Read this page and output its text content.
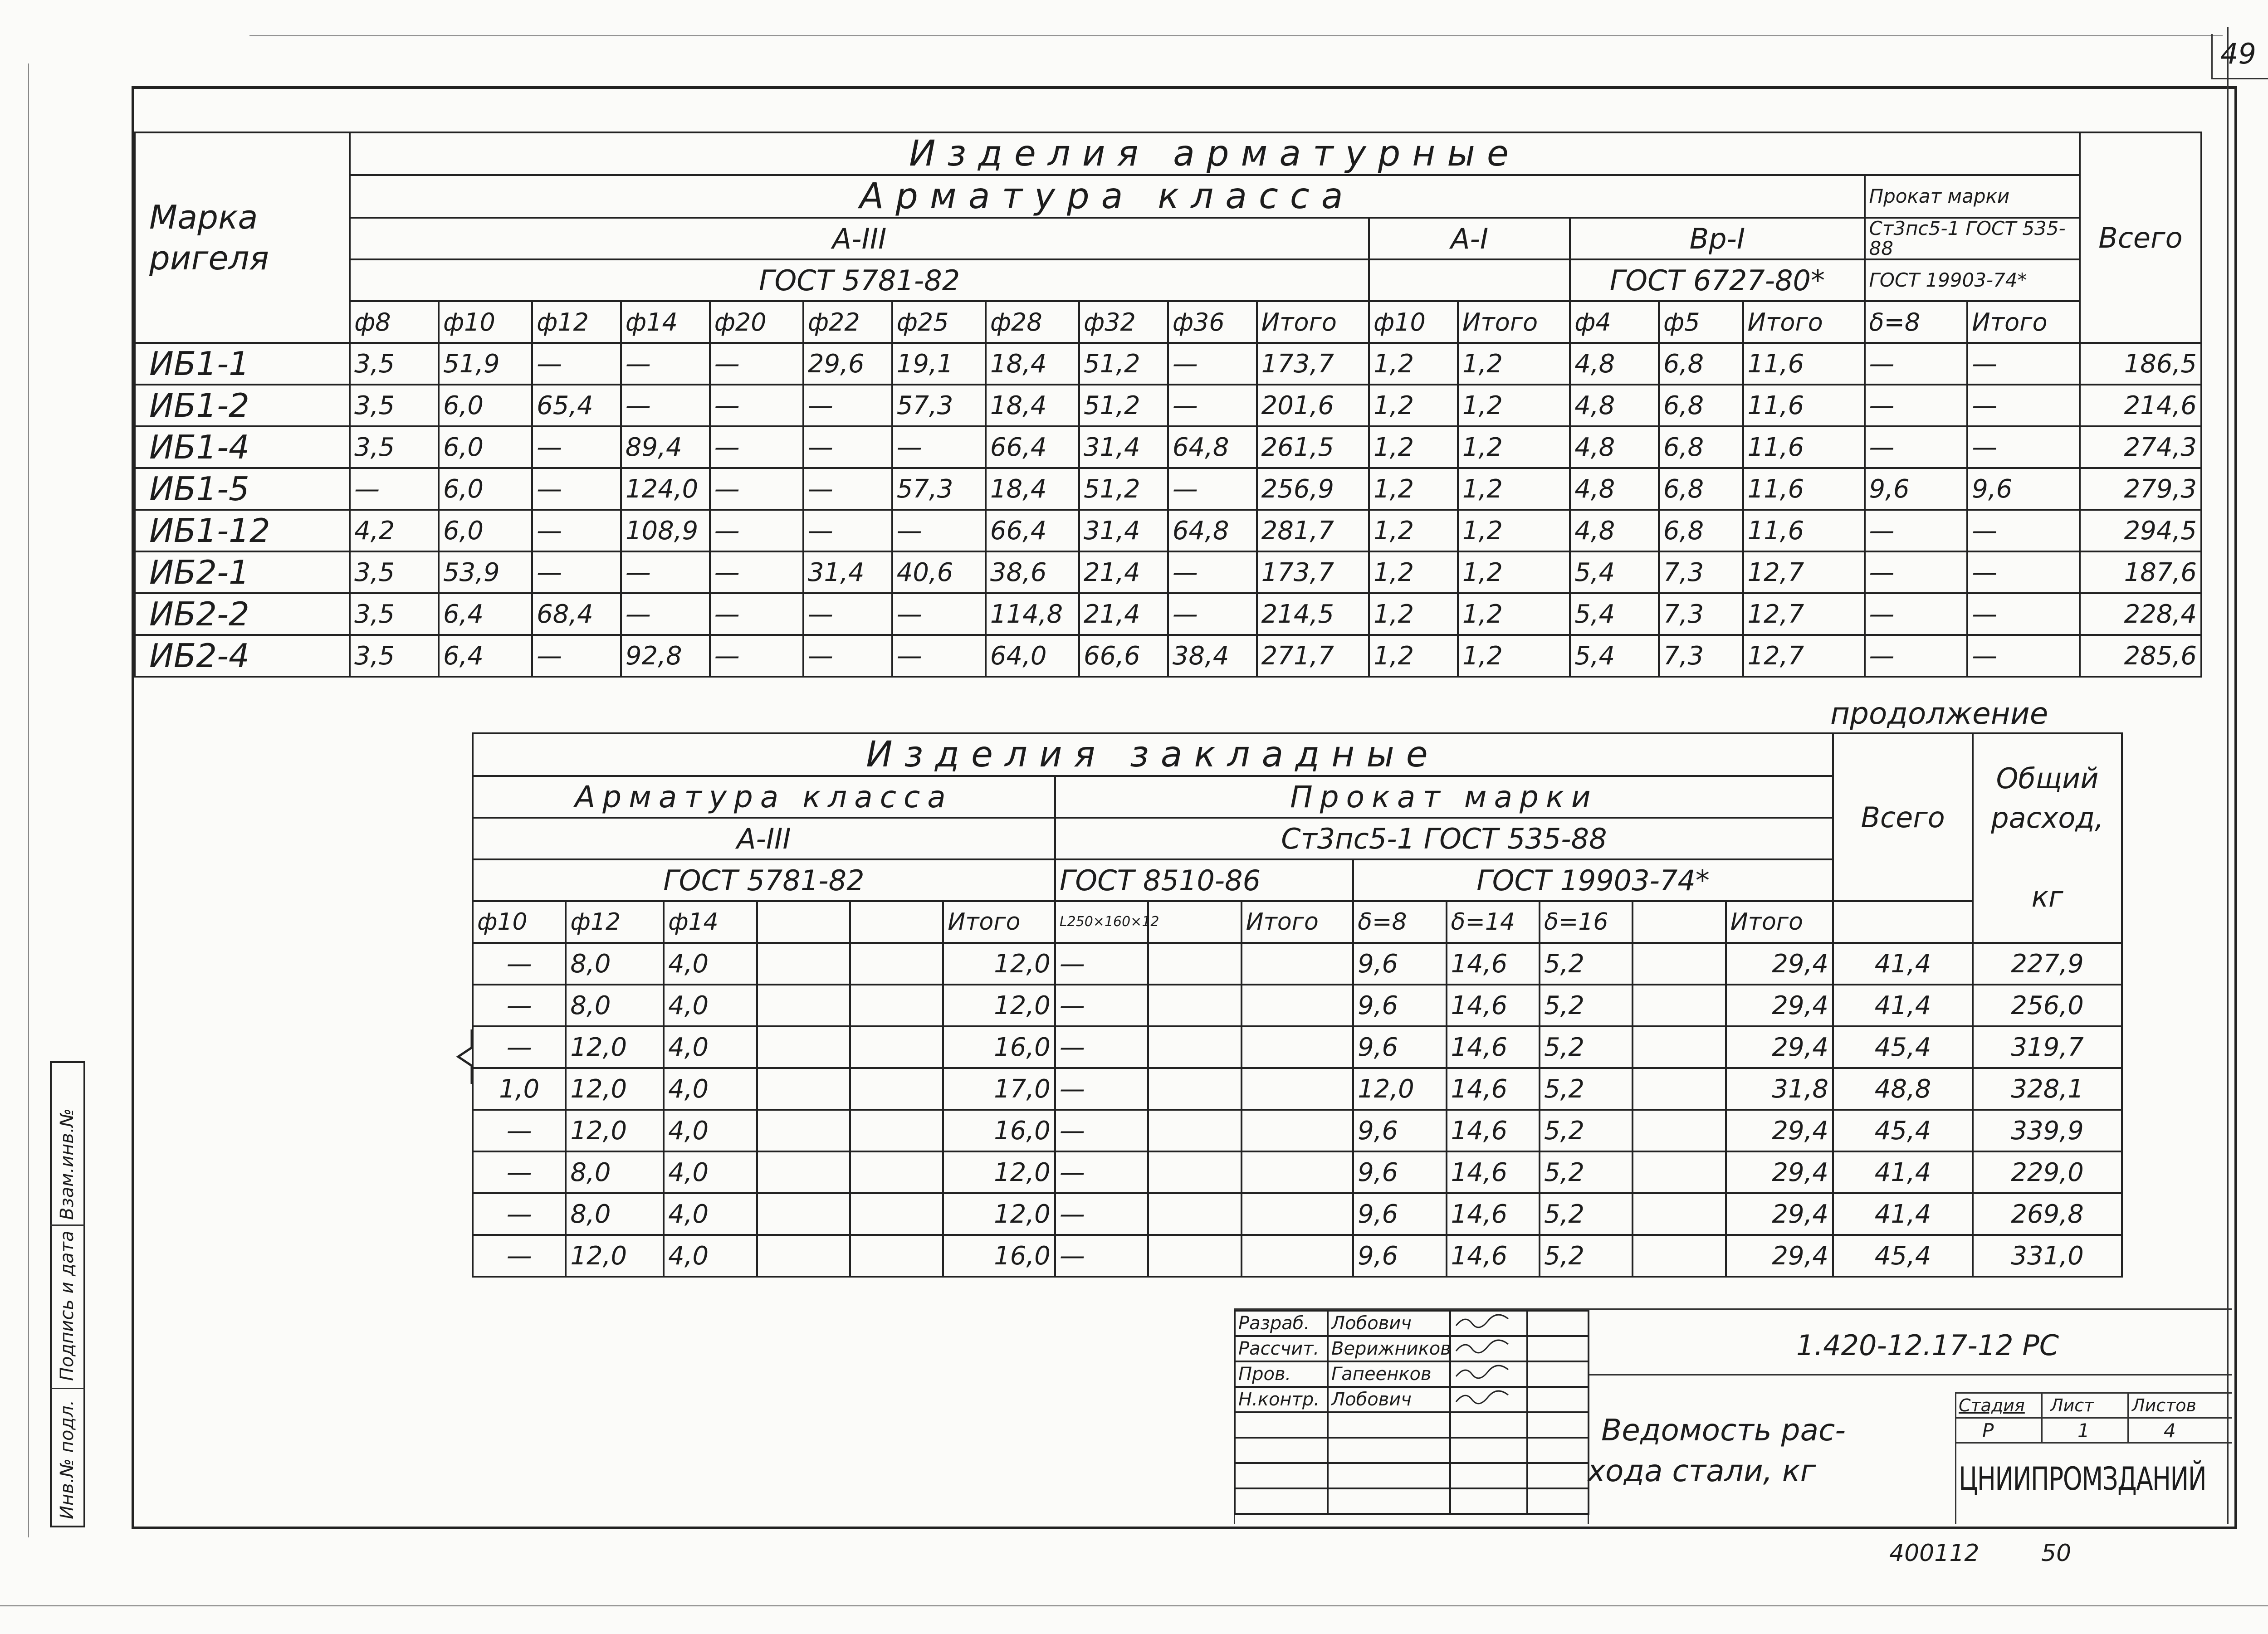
49
Марка ригеля	Изделия арматурные																		Всего
	Арматура класса																Прокат марки		
	А-III											А-I		Вр-I			Ст3пс5-1 ГОСТ 535-88		
	ГОСТ 5781-82													ГОСТ 6727-80*			ГОСТ 19903-74*		
	ф8	ф10	ф12	ф14	ф20	ф22	ф25	ф28	ф32	ф36	Итого	ф10	Итого	ф4	ф5	Итого	δ=8	Итого	
ИБ1-1	3,5	51,9	—	—	—	29,6	19,1	18,4	51,2	—	173,7	1,2	1,2	4,8	6,8	11,6	—	—	186,5
ИБ1-2	3,5	6,0	65,4	—	—	—	57,3	18,4	51,2	—	201,6	1,2	1,2	4,8	6,8	11,6	—	—	214,6
ИБ1-4	3,5	6,0	—	89,4	—	—	—	66,4	31,4	64,8	261,5	1,2	1,2	4,8	6,8	11,6	—	—	274,3
ИБ1-5	—	6,0	—	124,0	—	—	57,3	18,4	51,2	—	256,9	1,2	1,2	4,8	6,8	11,6	9,6	9,6	279,3
ИБ1-12	4,2	6,0	—	108,9	—	—	—	66,4	31,4	64,8	281,7	1,2	1,2	4,8	6,8	11,6	—	—	294,5
ИБ2-1	3,5	53,9	—	—	—	31,4	40,6	38,6	21,4	—	173,7	1,2	1,2	5,4	7,3	12,7	—	—	187,6
ИБ2-2	3,5	6,4	68,4	—	—	—	—	114,8	21,4	—	214,5	1,2	1,2	5,4	7,3	12,7	—	—	228,4
ИБ2-4	3,5	6,4	—	92,8	—	—	—	64,0	66,6	38,4	271,7	1,2	1,2	5,4	7,3	12,7	—	—	285,6
продолжение
Изделия закладные														Всего	Общий расход,

кг
Арматура класса						Прокат марки									
А-III						Ст3пс5-1 ГОСТ 535-88									
ГОСТ 5781-82						ГОСТ 8510-86			ГОСТ 19903-74*						
ф10	ф12	ф14			Итого	L250×160×12		Итого	δ=8	δ=14	δ=16		Итого		
—	8,0	4,0			12,0	—			9,6	14,6	5,2		29,4	41,4	227,9
—	8,0	4,0			12,0	—			9,6	14,6	5,2		29,4	41,4	256,0
—	12,0	4,0			16,0	—			9,6	14,6	5,2		29,4	45,4	319,7
1,0	12,0	4,0			17,0	—			12,0	14,6	5,2		31,8	48,8	328,1
—	12,0	4,0			16,0	—			9,6	14,6	5,2		29,4	45,4	339,9
—	8,0	4,0			12,0	—			9,6	14,6	5,2		29,4	41,4	229,0
—	8,0	4,0			12,0	—			9,6	14,6	5,2		29,4	41,4	269,8
—	12,0	4,0			16,0	—			9,6	14,6	5,2		29,4	45,4	331,0
Разраб.	Лобович		
Рассчит.	Верижников		
Пров.	Гапеенков		
Н.контр.	Лобович		

1.420-12.17-12 РС
Ведомость рас-
хода стали, кг
Стадия Лист Листов
Р	1	4
ЦНИИПРОМЗДАНИЙ
400112	50
Инв.№ подл.
Подпись и дата
Взам.инв.№
